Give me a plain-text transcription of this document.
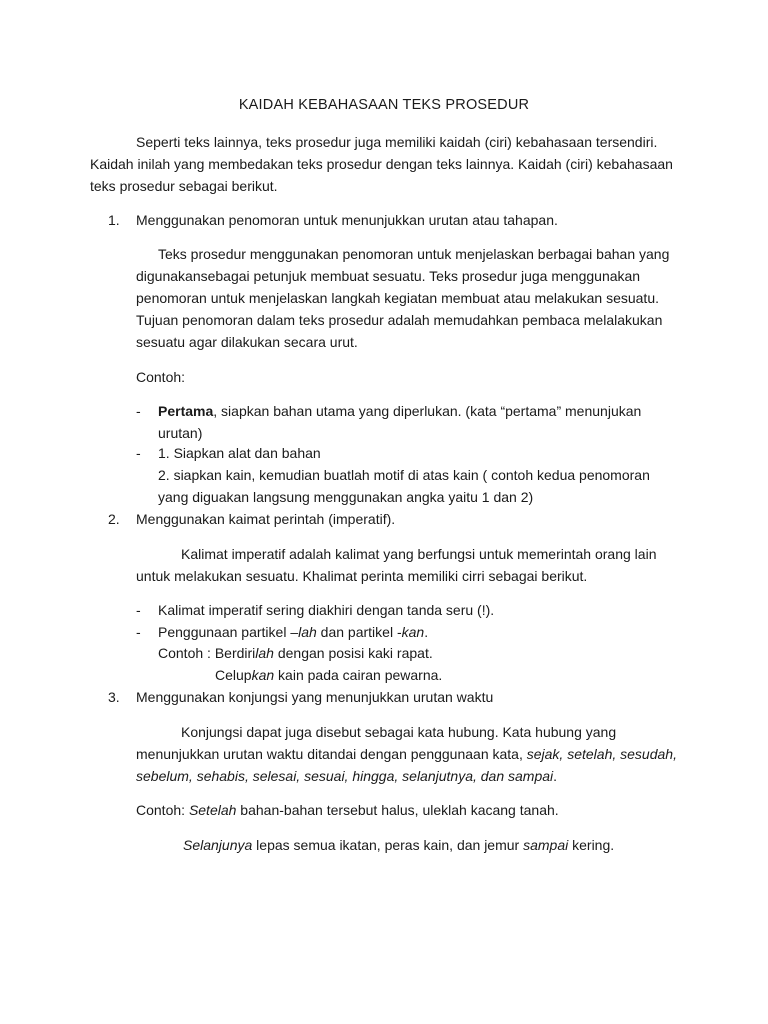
KAIDAH KEBAHASAAN TEKS PROSEDUR

Seperti teks lainnya, teks prosedur juga memiliki kaidah (ciri) kebahasaan tersendiri. Kaidah inilah yang membedakan teks prosedur dengan teks lainnya. Kaidah (ciri) kebahasaan teks prosedur sebagai berikut.

1. Menggunakan penomoran untuk menunjukkan urutan atau tahapan.

Teks prosedur menggunakan penomoran untuk menjelaskan berbagai bahan yang digunakansebagai petunjuk membuat sesuatu. Teks prosedur juga menggunakan penomoran untuk menjelaskan langkah kegiatan membuat atau melakukan sesuatu. Tujuan penomoran dalam teks prosedur adalah memudahkan pembaca melalakukan sesuatu agar dilakukan secara urut.

Contoh:
- Pertama, siapkan bahan utama yang diperlukan. (kata “pertama” menunjukan urutan)
- 1. Siapkan alat dan bahan
2. siapkan kain, kemudian buatlah motif di atas kain ( contoh kedua penomoran yang diguakan langsung menggunakan angka yaitu 1 dan 2)
2. Menggunakan kaimat perintah (imperatif).

Kalimat imperatif adalah kalimat yang berfungsi untuk memerintah orang lain untuk melakukan sesuatu. Khalimat perinta memiliki cirri sebagai berikut.

- Kalimat imperatif sering diakhiri dengan tanda seru (!).
- Penggunaan partikel –lah dan partikel -kan.
Contoh : Berdirilah dengan posisi kaki rapat.
Celupkan kain pada cairan pewarna.
3. Menggunakan konjungsi yang menunjukkan urutan waktu

Konjungsi dapat juga disebut sebagai kata hubung. Kata hubung yang menunjukkan urutan waktu ditandai dengan penggunaan kata, sejak, setelah, sesudah, sebelum, sehabis, selesai, sesuai, hingga, selanjutnya, dan sampai.

Contoh: Setelah bahan-bahan tersebut halus, uleklah kacang tanah.
Selanjunya lepas semua ikatan, peras kain, dan jemur sampai kering.
